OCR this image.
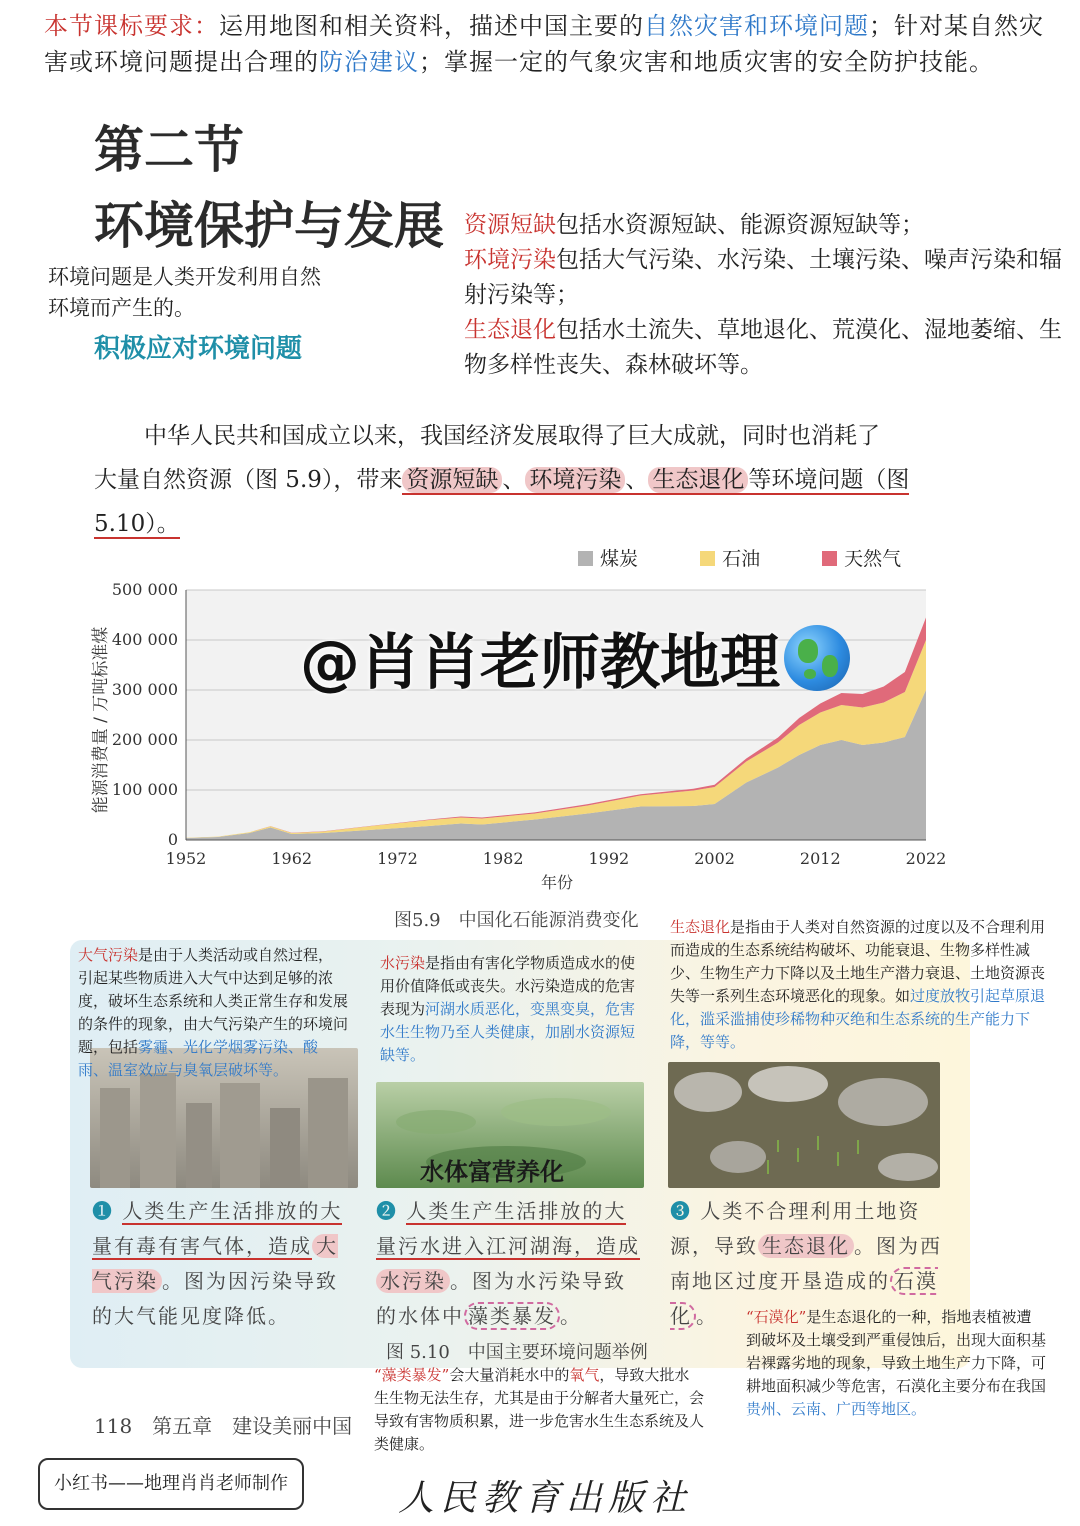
本节课标要求：运用地图和相关资料，描述中国主要的自然灾害和环境问题；针对某自然灾

害或环境问题提出合理的防治建议；掌握一定的气象灾害和地质灾害的安全防护技能。

第二节
环境保护与发展
环境问题是人类开发利用自然环境而产生的。
积极应对环境问题

资源短缺包括水资源短缺、能源资源短缺等；

环境污染包括大气污染、水污染、土壤污染、噪声污染和辐射污染等；

生态退化包括水土流失、草地退化、荒漠化、湿地萎缩、生物多样性丧失、森林破坏等。

中华人民共和国成立以来，我国经济发展取得了巨大成就，同时也消耗了

大量自然资源（图 5.9），带来 资源短缺 、 环境污染 、 生态退化 等环境问题（图 5.10）。
煤炭	石油	天然气
0
100 000
200 000
300 000
400 000
500 000
1952	1962	1972	1982	1992	2002	2012	2022
能源消费量 / 万吨标准煤
年份
图5.9　中国化石能源消费变化
@肖肖老师教地理
大气污染是由于人类活动或自然过程，引起某些物质进入大气中达到足够的浓度，破坏生态系统和人类正常生存和发展的条件的现象，由大气污染产生的环境问题，包括雾霾、光化学烟雾污染、酸雨、温室效应与臭氧层破坏等。
➊ 人类生产生活排放的大量有毒有害气体，造成 大气污染 。图为因污染导致的大气能见度降低。
水体富营养化
水污染是指由有害化学物质造成水的使用价值降低或丧失。水污染造成的危害表现为河湖水质恶化，变黑变臭，危害水生生物乃至人类健康，加剧水资源短缺等。
➋ 人类生产生活排放的大量污水进入江河湖海，造成水污染 。图为水污染导致的水体中 藻类暴发 。
生态退化是指由于人类对自然资源的过度以及不合理利用而造成的生态系统结构破坏、功能衰退、生物多样性减少、生物生产力下降以及土地生产潜力衰退、土地资源丧失等一系列生态环境恶化的现象。如过度放牧引起草原退化，滥采滥捕使珍稀物种灭绝和生态系统的生产能力下降，等等。
➌ 人类不合理利用土地资源，导致 生态退化 。图为西南地区过度开垦造成的 石漠化 。
图 5.10　中国主要环境问题举例
“藻类暴发”会大量消耗水中的氧气，导致大批水生生物无法生存，尤其是由于分解者大量死亡，会导致有害物质积累，进一步危害水生生态系统及人类健康。
“石漠化”是生态退化的一种，指地表植被遭到破坏及土壤受到严重侵蚀后，出现大面积基岩裸露劣地的现象，导致土地生产力下降，可耕地面积减少等危害，石漠化主要分布在我国贵州、云南、广西等地区。
118　第五章　建设美丽中国
小红书——地理肖肖老师制作	人民教育出版社
